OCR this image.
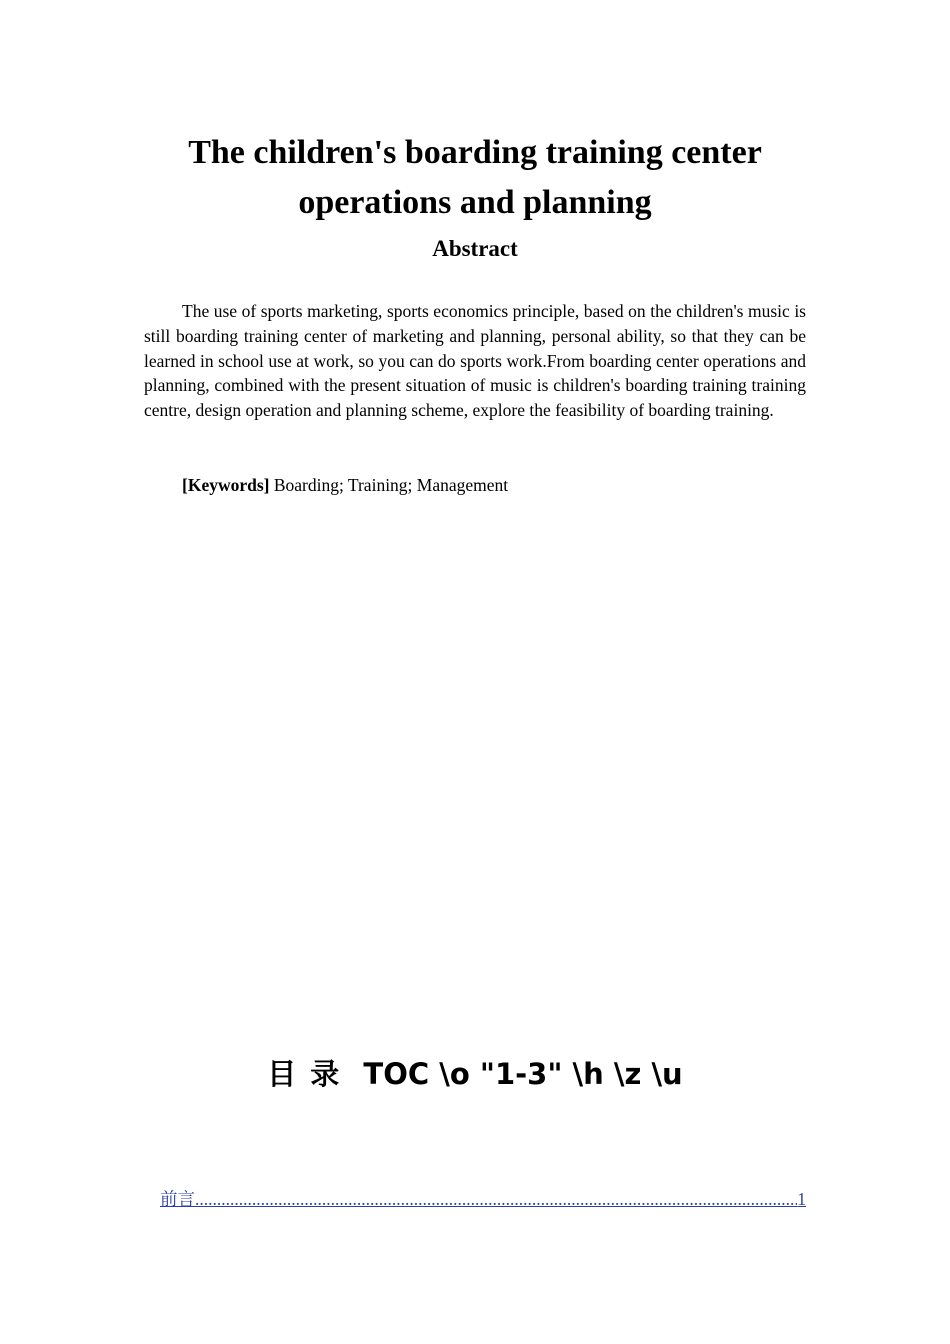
The children's boarding training center operations and planning
Abstract

The use of sports marketing, sports economics principle, based on the children's music is still boarding training center of marketing and planning, personal ability, so that they can be learned in school use at work, so you can do sports work.From boarding center operations and planning, combined with the present situation of music is children's boarding training training centre, design operation and planning scheme, explore the feasibility of boarding training.

[Keywords] Boarding; Training; Management

目录 TOC \o "1-3" \h \z \u
前言
.....	1
